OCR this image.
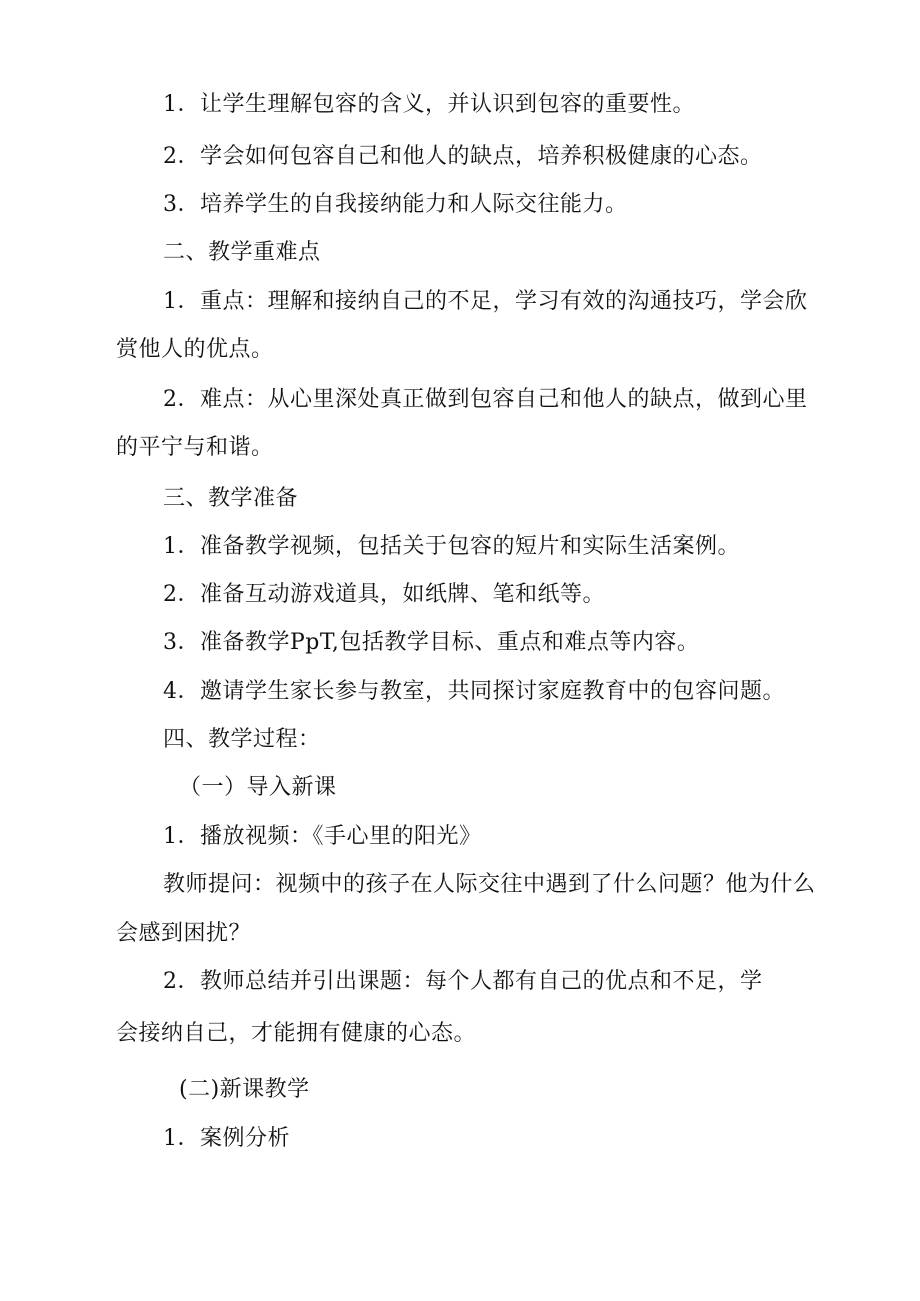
1．让学生理解包容的含义，并认识到包容的重要性。
2．学会如何包容自己和他人的缺点，培养积极健康的心态。
3．培养学生的自我接纳能力和人际交往能力。
二、教学重难点
1．重点：理解和接纳自己的不足，学习有效的沟通技巧，学会欣
赏他人的优点。
2．难点：从心里深处真正做到包容自己和他人的缺点，做到心里
的平宁与和谐。
三、教学准备
1．准备教学视频，包括关于包容的短片和实际生活案例。
2．准备互动游戏道具，如纸牌、笔和纸等。
3．准备教学PpT,包括教学目标、重点和难点等内容。
4．邀请学生家长参与教室，共同探讨家庭教育中的包容问题。
四、教学过程：
（一）导入新课
1．播放视频：《手心里的阳光》
教师提问：视频中的孩子在人际交往中遇到了什么问题？他为什么
会感到困扰？
2．教师总结并引出课题：每个人都有自己的优点和不足，学
会接纳自己，才能拥有健康的心态。
(二)新课教学
1．案例分析
